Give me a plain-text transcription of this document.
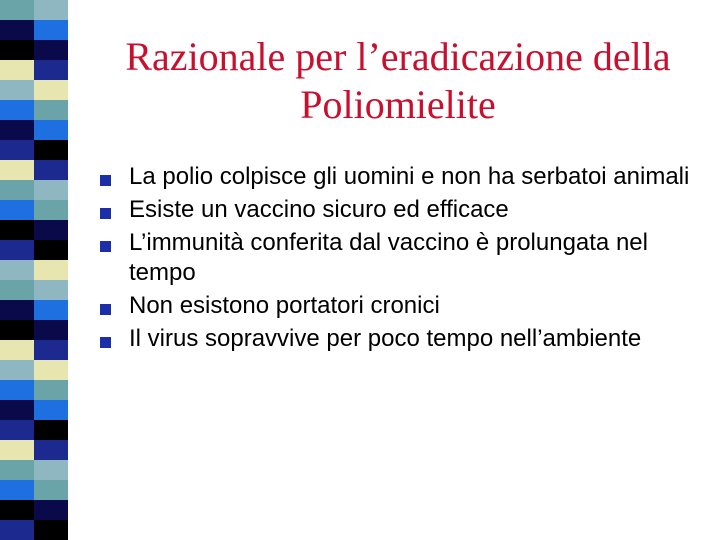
Razionale per l’eradicazione della
Poliomielite
La polio colpisce gli uomini e non ha serbatoi animali
Esiste un vaccino sicuro ed efficace
L’immunità conferita dal vaccino è prolungata nel tempo
Non esistono portatori cronici
Il virus sopravvive per poco tempo nell’ambiente
